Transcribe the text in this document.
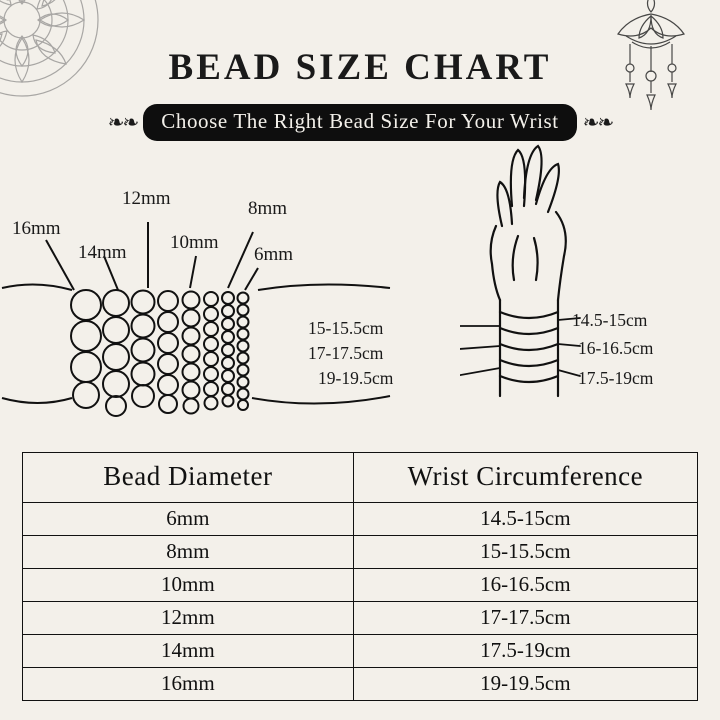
BEAD SIZE CHART
❧❧	Choose The Right Bead Size For Your Wrist	❧❧
16mm
14mm
12mm
10mm
8mm
6mm
15-15.5cm
17-17.5cm
19-19.5cm
14.5-15cm
16-16.5cm
17.5-19cm
Bead Diameter	Wrist Circumference
6mm	14.5-15cm
8mm	15-15.5cm
10mm	16-16.5cm
12mm	17-17.5cm
14mm	17.5-19cm
16mm	19-19.5cm
